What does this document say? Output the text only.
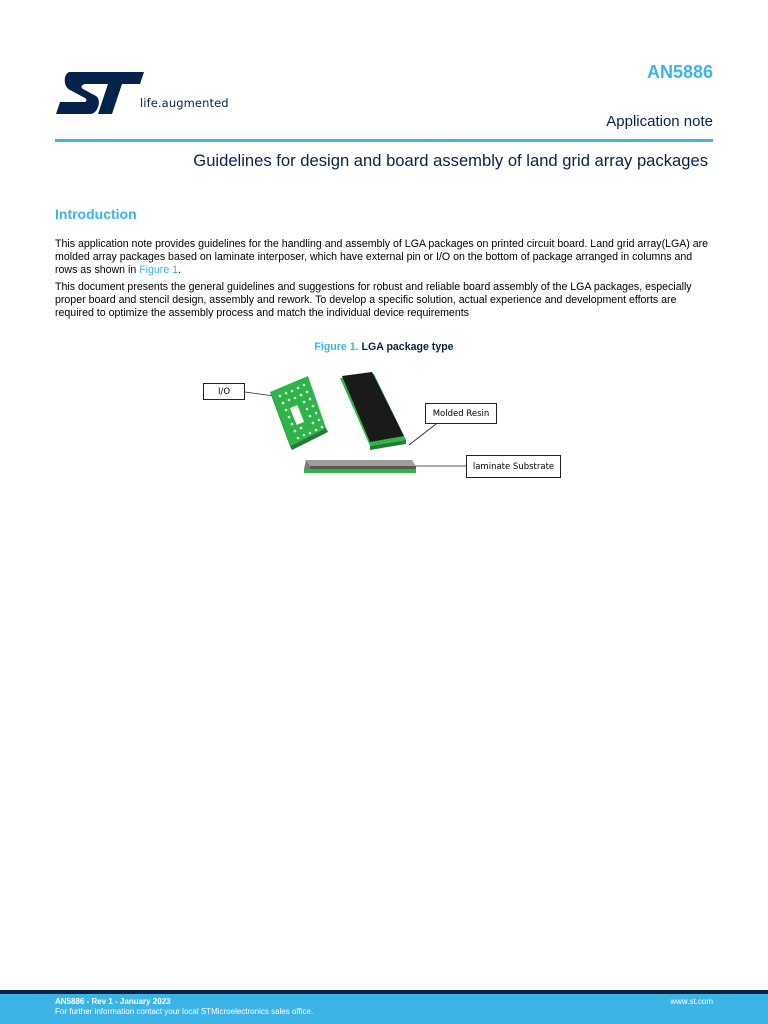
life.augmented
AN5886
Application note
Guidelines for design and board assembly of land grid array packages
Introduction
This application note provides guidelines for the handling and assembly of LGA packages on printed circuit board. Land grid array(LGA) are molded array packages based on laminate interposer, which have external pin or I/O on the bottom of package arranged in columns and rows as shown in Figure 1.
This document presents the general guidelines and suggestions for robust and reliable board assembly of the LGA packages, especially proper board and stencil design, assembly and rework. To develop a specific solution, actual experience and development efforts are required to optimize the assembly process and match the individual device requirements
Figure 1. LGA package type
I/O
Molded Resin
laminate Substrate
AN5886 - Rev 1 - January 2023
For further information contact your local STMicroelectronics sales office.
www.st.com
